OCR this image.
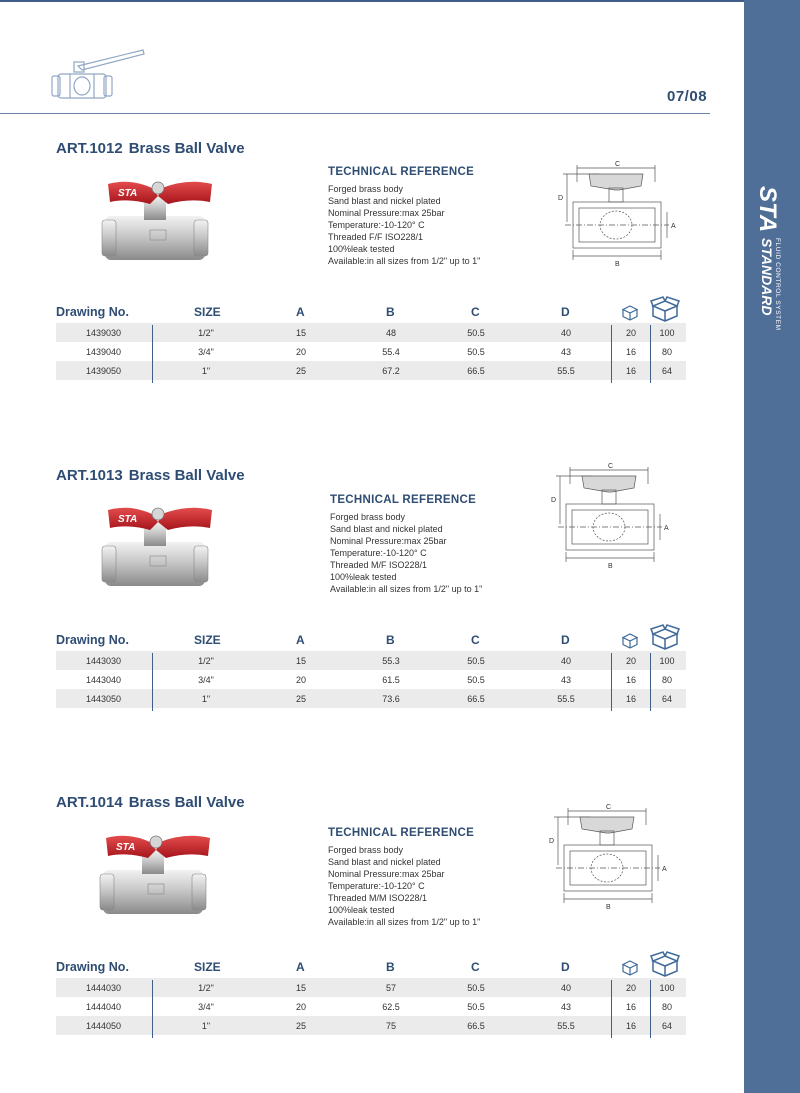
STA
STANDARD FLUID CONTROL SYSTEM
07/08
ART.1012 Brass Ball Valve
STA
TECHNICAL REFERENCE
Forged brass body
Sand blast and nickel plated
Nominal Pressure:max 25bar
Temperature:-10-120° C
Threaded F/F ISO228/1
100%leak tested
Available:in all sizes from 1/2" up to 1"
C
D
A
B
Drawing No.	SIZE	A	B	C	D
1439030	1/2"	15	48	50.5	40	20	100
1439040	3/4"	20	55.4	50.5	43	16	80
1439050	1"	25	67.2	66.5	55.5	16	64
ART.1013 Brass Ball Valve
STA
TECHNICAL REFERENCE
Forged brass body
Sand blast and nickel plated
Nominal Pressure:max 25bar
Temperature:-10-120° C
Threaded M/F ISO228/1
100%leak tested
Available:in all sizes from 1/2" up to 1"
C
D
A
B
Drawing No.	SIZE	A	B	C	D
1443030	1/2"	15	55.3	50.5	40	20	100
1443040	3/4"	20	61.5	50.5	43	16	80
1443050	1"	25	73.6	66.5	55.5	16	64
ART.1014 Brass Ball Valve
STA
TECHNICAL REFERENCE
Forged brass body
Sand blast and nickel plated
Nominal Pressure:max 25bar
Temperature:-10-120° C
Threaded M/M ISO228/1
100%leak tested
Available:in all sizes from 1/2" up to 1"
C
D
A
B
Drawing No.	SIZE	A	B	C	D
1444030	1/2"	15	57	50.5	40	20	100
1444040	3/4"	20	62.5	50.5	43	16	80
1444050	1"	25	75	66.5	55.5	16	64
